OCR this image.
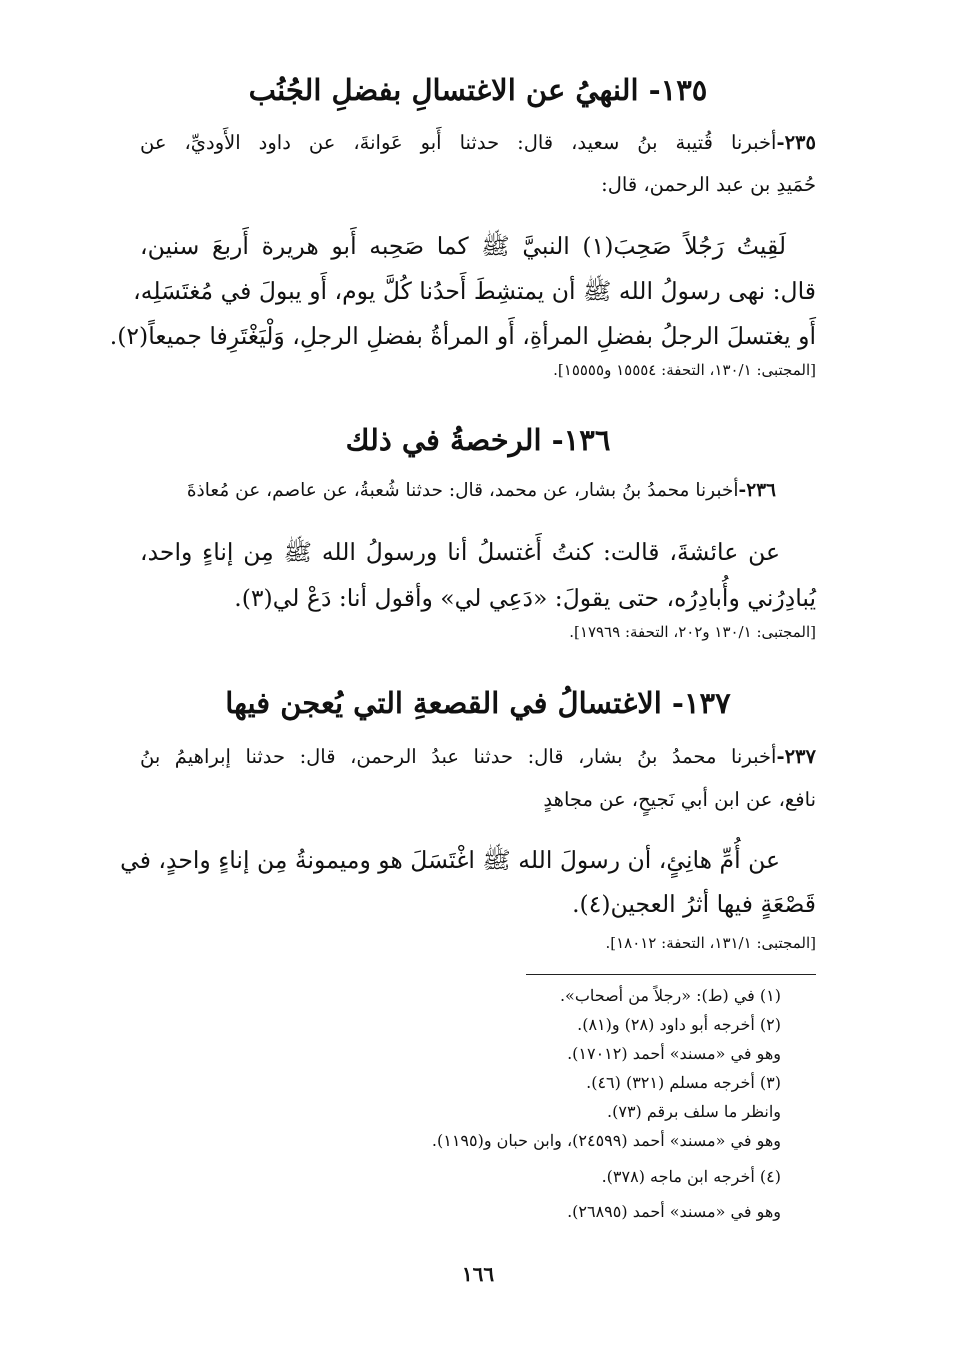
١٣٥- النهيُ عن الاغتسالِ بفضلِ الجُنُب
٢٣٥-أخبرنا قُتيبة بنُ سعيد، قال: حدثنا أَبو عَوانةَ، عن داود الأَوديِّ، عن
حُمَيدِ بن عبد الرحمن، قال:
لَقِيتُ رَجُلاً صَحِبَ(١) النبيَّ ﷺ كما صَحِبه أَبو هريرة أَربعَ سنين،
قال: نهى رسولُ الله ﷺ أن يمتشِطَ أَحدُنا كُلَّ يوم، أَو يبولَ في مُغتَسَلِه،
أَو يغتسلَ الرجلُ بفضلِ المرأةِ، أَو المرأةُ بفضلِ الرجلِ، وَلْيَغْتَرِفا جميعاً(٢).
[المجتبى: ١٣٠/١، التحفة: ١٥٥٥٤ و١٥٥٥٥].
١٣٦- الرخصةُ في ذلك
٢٣٦-أخبرنا محمدُ بنُ بشار، عن محمد، قال: حدثنا شُعبةُ، عن عاصم، عن مُعاذةَ
عن عائشةَ، قالت: كنتُ أَغتسلُ أنا ورسولُ الله ﷺ مِن إناءٍ واحد،
يُبادِرُني وأُبادِرُه، حتى يقولَ: «دَعِي لي» وأقول أنا: دَعْ لي(٣).
[المجتبى: ١٣٠/١ و٢٠٢، التحفة: ١٧٩٦٩].
١٣٧- الاغتسالُ في القصعةِ التي يُعجن فيها
٢٣٧-أخبرنا محمدُ بنُ بشار، قال: حدثنا عبدُ الرحمن، قال: حدثنا إبراهيمُ بنُ
نافع، عن ابن أبي نَجيحٍ، عن مجاهدٍ
عن أُمِّ هانِئٍ، أن رسولَ الله ﷺ اغْتَسَلَ هو وميمونةُ مِن إناءٍ واحدٍ، في
قَصْعَةٍ فيها أثرُ العجين(٤).
[المجتبى: ١٣١/١، التحفة: ١٨٠١٢].
(١) في (ط): «رجلاً من أصحاب».
(٢) أخرجه أبو داود (٢٨) و(٨١).
وهو في «مسند» أحمد (١٧٠١٢).
(٣) أخرجه مسلم (٣٢١) (٤٦).
وانظر ما سلف برقم (٧٣).
وهو في «مسند» أحمد (٢٤٥٩٩)، وابن حبان و(١١٩٥).
(٤) أخرجه ابن ماجه (٣٧٨).
وهو في «مسند» أحمد (٢٦٨٩٥).
١٦٦
